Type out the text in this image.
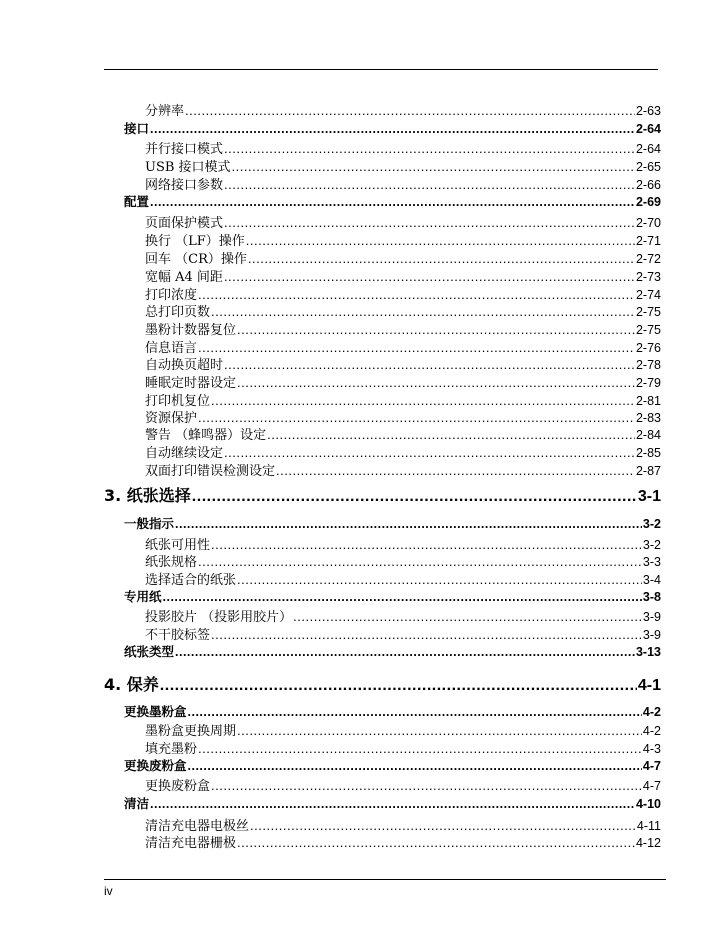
分辨率 .....	2-63
接口 .....	2-64
并行接口模式 .....	2-64
USB 接口模式 .....	2-65
网络接口参数 .....	2-66
配置 .....	2-69
页面保护模式 .....	2-70
换行 （LF）操作 .....	2-71
回车 （CR）操作 .....	2-72
宽幅 A4 间距 .....	2-73
打印浓度 .....	2-74
总打印页数 .....	2-75
墨粉计数器复位 .....	2-75
信息语言 .....	2-76
自动换页超时 .....	2-78
睡眠定时器设定 .....	2-79
打印机复位 .....	2-81
资源保护 .....	2-83
警告 （蜂鸣器）设定 .....	2-84
自动继续设定 .....	2-85
双面打印错误检测设定 .....	2-87
3. 纸张选择 .....	3-1
一般指示 .....	3-2
纸张可用性 .....	3-2
纸张规格 .....	3-3
选择适合的纸张 .....	3-4
专用纸 .....	3-8
投影胶片 （投影用胶片） .....	3-9
不干胶标签 .....	3-9
纸张类型 .....	3-13
4. 保养 .....	4-1
更换墨粉盒 .....	4-2
墨粉盒更换周期 .....	4-2
填充墨粉 .....	4-3
更换废粉盒 .....	4-7
更换废粉盒 .....	4-7
清洁 .....	4-10
清洁充电器电极丝 .....	4-11
清洁充电器栅极 .....	4-12
iv
